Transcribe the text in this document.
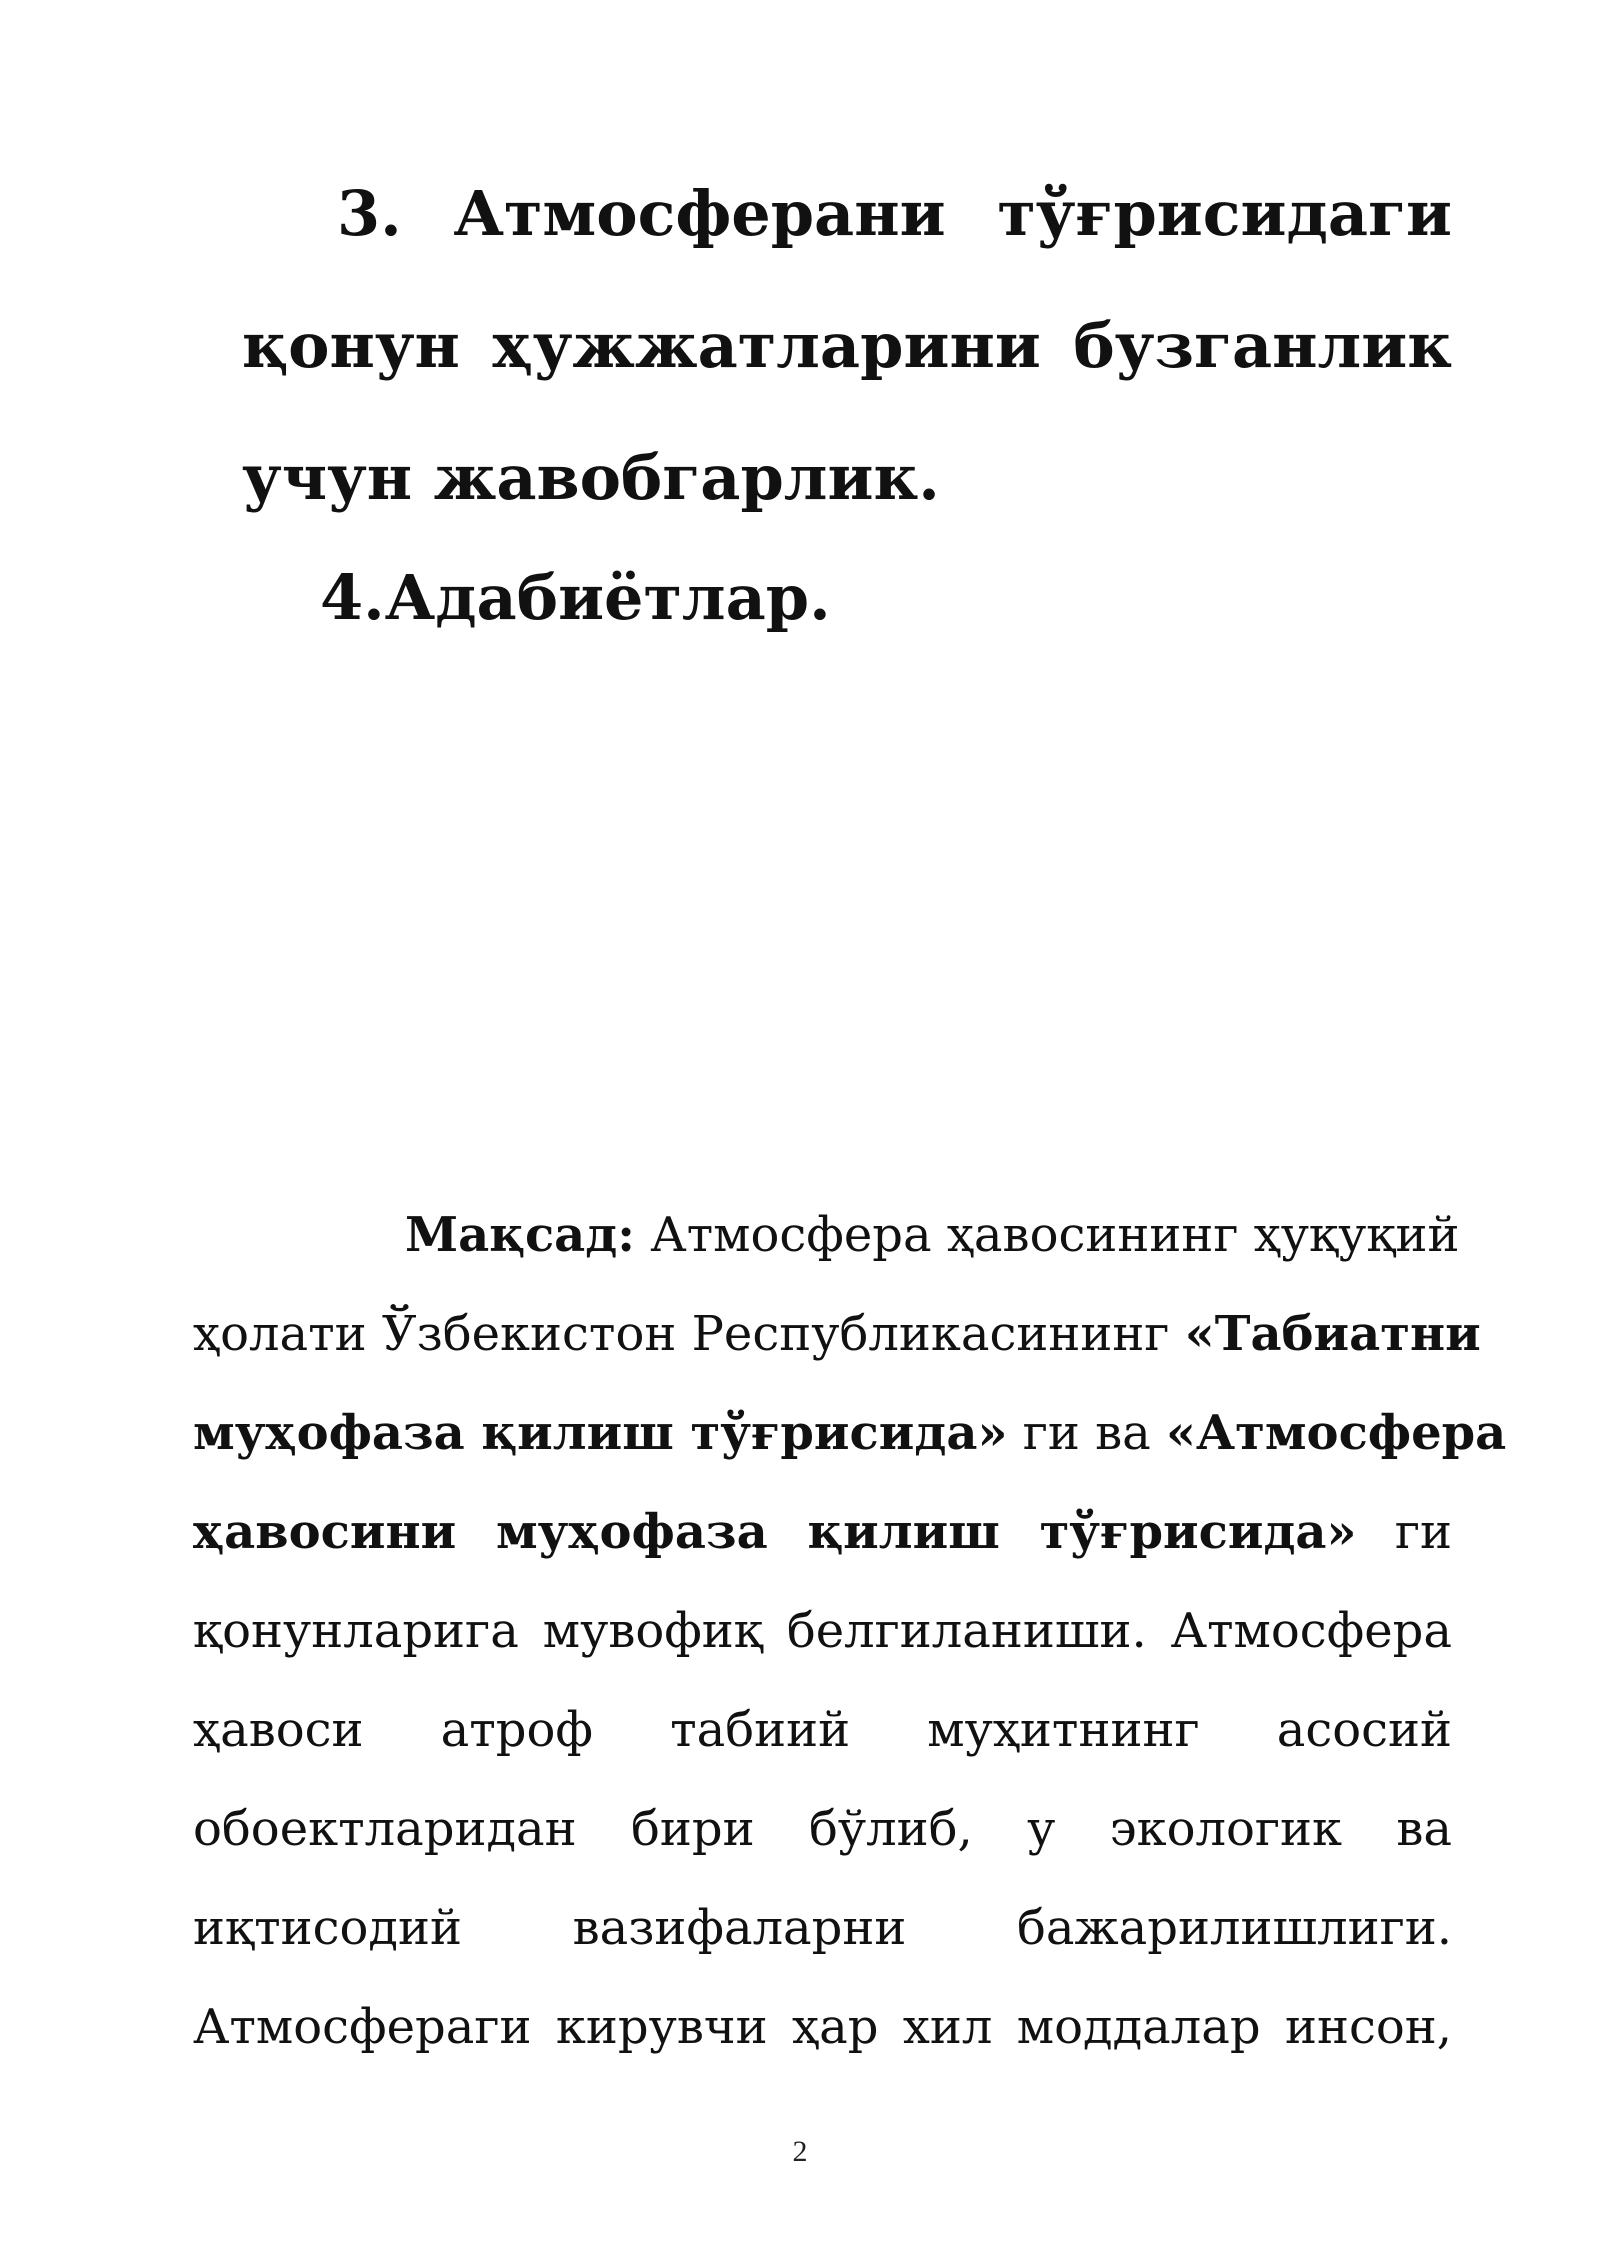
3. Атмосферани тўғрисидаги
қонун ҳужжатларини бузганлик
учун жавобгарлик.
4.Адабиётлар.
Мақсад: Атмосфера ҳавосининг ҳуқуқий
ҳолати Ўзбекистон Республикасининг «Табиатни
муҳофаза қилиш тўғрисида» ги ва «Атмосфера
ҳавосини муҳофаза қилиш тўғрисида» ги
қонунларига мувофиқ белгиланиши. Атмосфера
ҳавоси атроф табиий муҳитнинг асосий
обоектларидан бири бўлиб, у экологик ва
иқтисодий вазифаларни бажарилишлиги.
Атмосфераги кирувчи ҳар хил моддалар инсон,
2
